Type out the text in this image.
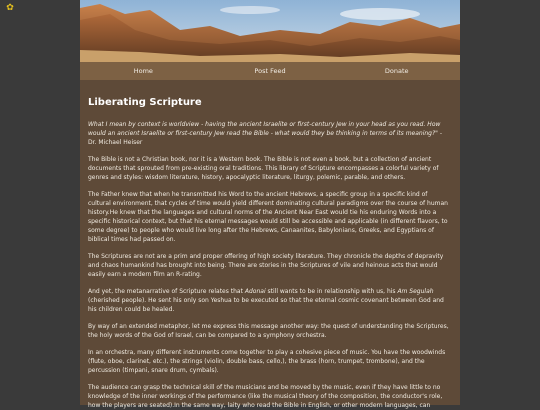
✿
Home	Post Feed	Donate
Liberating Scripture

What I mean by context is worldview - having the ancient Israelite or first-century Jew in your head as you read. How would an ancient Israelite or first-century Jew read the Bible - what would they be thinking in terms of its meaning?" -

Dr. Michael Heiser

The Bible is not a Christian book, nor it is a Western book. The Bible is not even a book, but a collection of ancient documents that sprouted from pre-existing oral traditions. This library of Scripture encompasses a colorful variety of genres and styles: wisdom literature, history, apocalyptic literature, liturgy, polemic, parable, and others.

The Father knew that when he transmitted his Word to the ancient Hebrews, a specific group in a specific kind of cultural environment, that cycles of time would yield different dominating cultural paradigms over the course of human history.He knew that the languages and cultural norms of the Ancient Near East would tie his enduring Words into a specific historical context, but that his eternal messages would still be accessible and applicable (in different flavors, to some degree) to people who would live long after the Hebrews, Canaanites, Babylonians, Greeks, and Egyptians of biblical times had passed on.

The Scriptures are not are a prim and proper offering of high society literature. They chronicle the depths of depravity and chaos humankind has brought into being. There are stories in the Scriptures of vile and heinous acts that would easily earn a modern film an R-rating.

And yet, the metanarrative of Scripture relates that Adonai still wants to be in relationship with us, his Am Segulah (cherished people). He sent his only son Yeshua to be executed so that the eternal cosmic covenant between God and his children could be healed.

By way of an extended metaphor, let me express this message another way: the quest of understanding the Scriptures, the holy words of the God of Israel, can be compared to a symphony orchestra.

In an orchestra, many different instruments come together to play a cohesive piece of music. You have the woodwinds (flute, oboe, clarinet, etc.), the strings (violin, double bass, cello,), the brass (horn, trumpet, trombone), and the percussion (timpani, snare drum, cymbals).

The audience can grasp the technical skill of the musicians and be moved by the music, even if they have little to no knowledge of the inner workings of the performance (like the musical theory of the composition, the conductor's role, how the players are seated).In the same way, laity who read the Bible in English, or other modern languages, can
